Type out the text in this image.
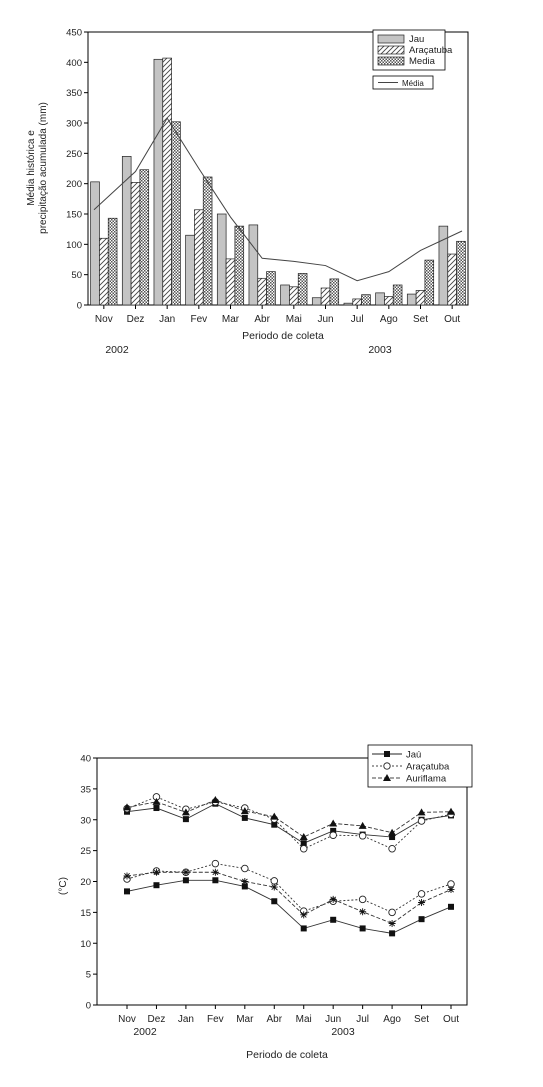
0
50
100
150
200
250
300
350
400
450
Nov Dez Jan Fev Mar Abr Mai Jun Jul Ago Set Out
Média histórica e precipitação acumulada (mm)
Periodo de coleta
2002	2003
Jau
Araçatuba
Media
Média
0
5
10
15
20
25
30
35
40
Nov Dez Jan Fev Mar Abr Mai Jun Jul Ago Set Out
(°C)
Periodo de coleta
2002	2003
Jaú
Araçatuba
Auriflama
